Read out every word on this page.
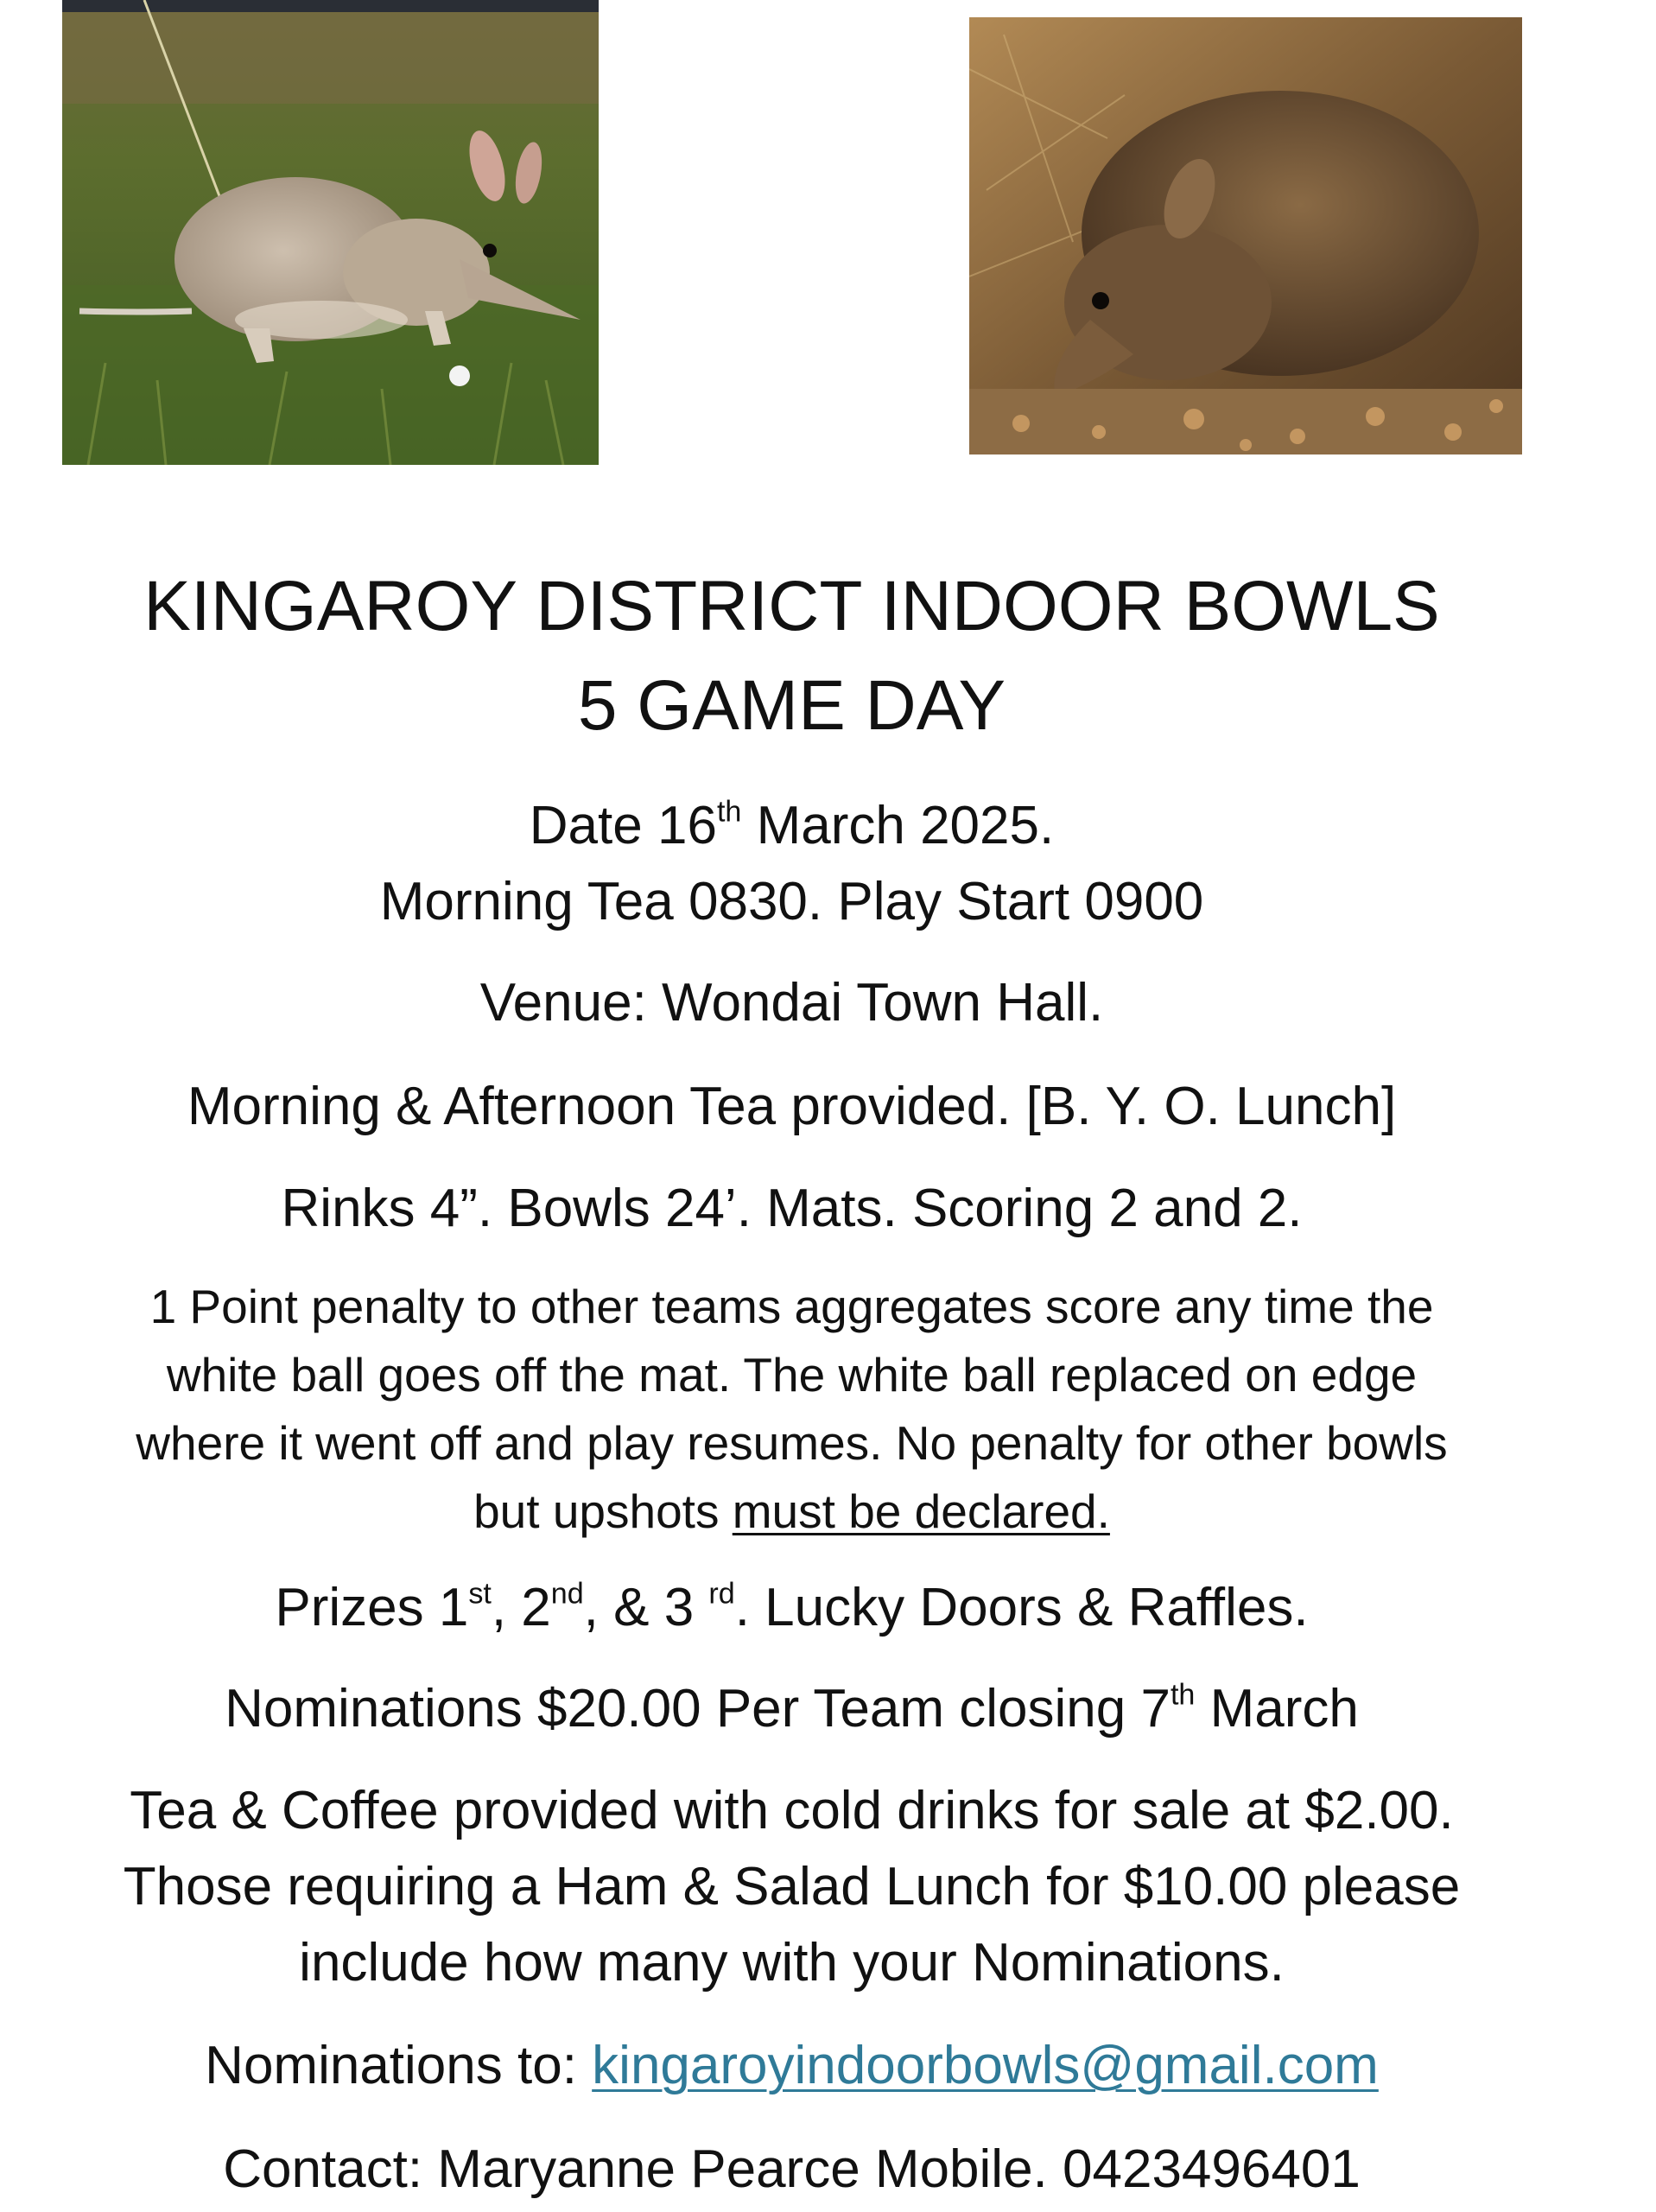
KINGAROY DISTRICT INDOOR BOWLS
5 GAME DAY
Date 16th March 2025.
Morning Tea 0830. Play Start 0900
Venue: Wondai Town Hall.
Morning & Afternoon Tea provided. [B. Y. O. Lunch]
Rinks 4”. Bowls 24’. Mats. Scoring 2 and 2.
1 Point penalty to other teams aggregates score any time the
white ball goes off the mat. The white ball replaced on edge
where it went off and play resumes. No penalty for other bowls
but upshots must be declared.
Prizes 1st, 2nd, & 3 $^{rd}$. Lucky Doors & Raffles.
Nominations $20.00 Per Team closing 7th March
Tea & Coffee provided with cold drinks for sale at $2.00.
Those requiring a Ham & Salad Lunch for $10.00 please
include how many with your Nominations.
Nominations to: kingaroyindoorbowls@gmail.com
Contact: Maryanne Pearce Mobile. 0423496401
